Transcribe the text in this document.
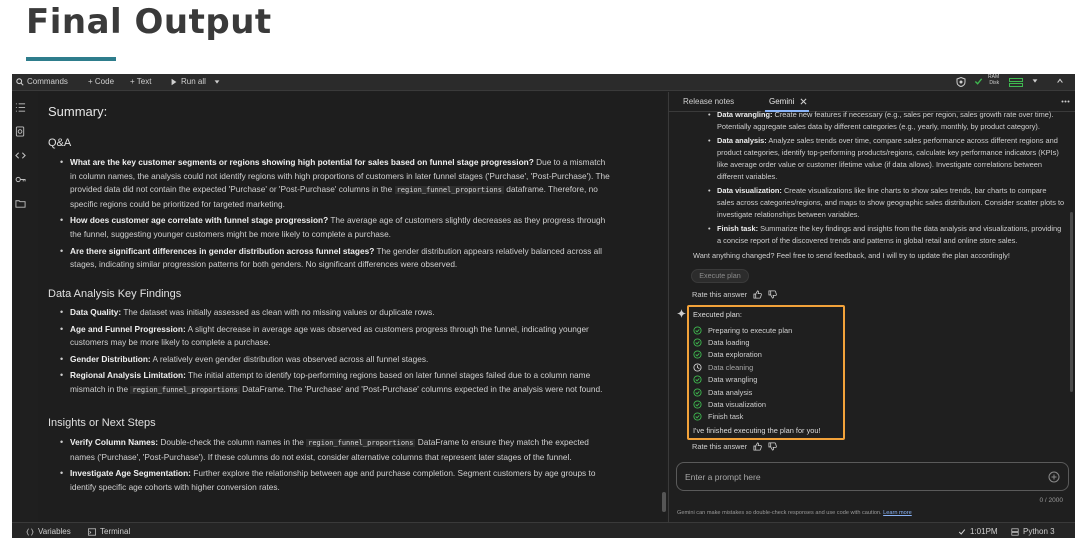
Final Output
Commands	+ Code + Text	Run all	RAM
Disk
Summary:
Q&A
• What are the key customer segments or regions showing high potential for sales based on funnel stage progression? Due to a mismatch in column names, the analysis could not identify regions with high proportions of customers in later funnel stages ('Purchase', 'Post-Purchase'). The provided data did not contain the expected 'Purchase' or 'Post-Purchase' columns in the region_funnel_proportions dataframe. Therefore, no specific regions could be prioritized for targeted marketing.
• How does customer age correlate with funnel stage progression? The average age of customers slightly decreases as they progress through the funnel, suggesting younger customers might be more likely to complete a purchase.
• Are there significant differences in gender distribution across funnel stages? The gender distribution appears relatively balanced across all stages, indicating similar progression patterns for both genders. No significant differences were observed.
Data Analysis Key Findings
• Data Quality: The dataset was initially assessed as clean with no missing values or duplicate rows.
• Age and Funnel Progression: A slight decrease in average age was observed as customers progress through the funnel, indicating younger customers may be more likely to complete a purchase.
• Gender Distribution: A relatively even gender distribution was observed across all funnel stages.
• Regional Analysis Limitation: The initial attempt to identify top-performing regions based on later funnel stages failed due to a column name mismatch in the region_funnel_proportions DataFrame. The 'Purchase' and 'Post-Purchase' columns expected in the analysis were not found.
Insights or Next Steps
• Verify Column Names: Double-check the column names in the region_funnel_proportions DataFrame to ensure they match the expected names ('Purchase', 'Post-Purchase'). If these columns do not exist, consider alternative columns that represent later stages of the funnel.
• Investigate Age Segmentation: Further explore the relationship between age and purchase completion. Segment customers by age groups to identify specific age cohorts with higher conversion rates.
Release notes	Gemini
• Data wrangling: Create new features if necessary (e.g., sales per region, sales growth rate over time). Potentially aggregate sales data by different categories (e.g., yearly, monthly, by product category).
• Data analysis: Analyze sales trends over time, compare sales performance across different regions and product categories, identify top-performing products/regions, calculate key performance indicators (KPIs) like average order value or customer lifetime value (if data allows). Investigate correlations between different variables.
• Data visualization: Create visualizations like line charts to show sales trends, bar charts to compare sales across categories/regions, and maps to show geographic sales distribution. Consider scatter plots to investigate relationships between variables.
• Finish task: Summarize the key findings and insights from the data analysis and visualizations, providing a concise report of the discovered trends and patterns in global retail and online store sales.
Want anything changed? Feel free to send feedback, and I will try to update the plan accordingly!
Execute plan
Rate this answer
Executed plan:
Preparing to execute plan
Data loading
Data exploration
Data cleaning
Data wrangling
Data analysis
Data visualization
Finish task
I've finished executing the plan for you!
Rate this answer
Enter a prompt here
0 / 2000
Gemini can make mistakes so double-check responses and use code with caution. Learn more
Variables	Terminal	1:01PM	Python 3
